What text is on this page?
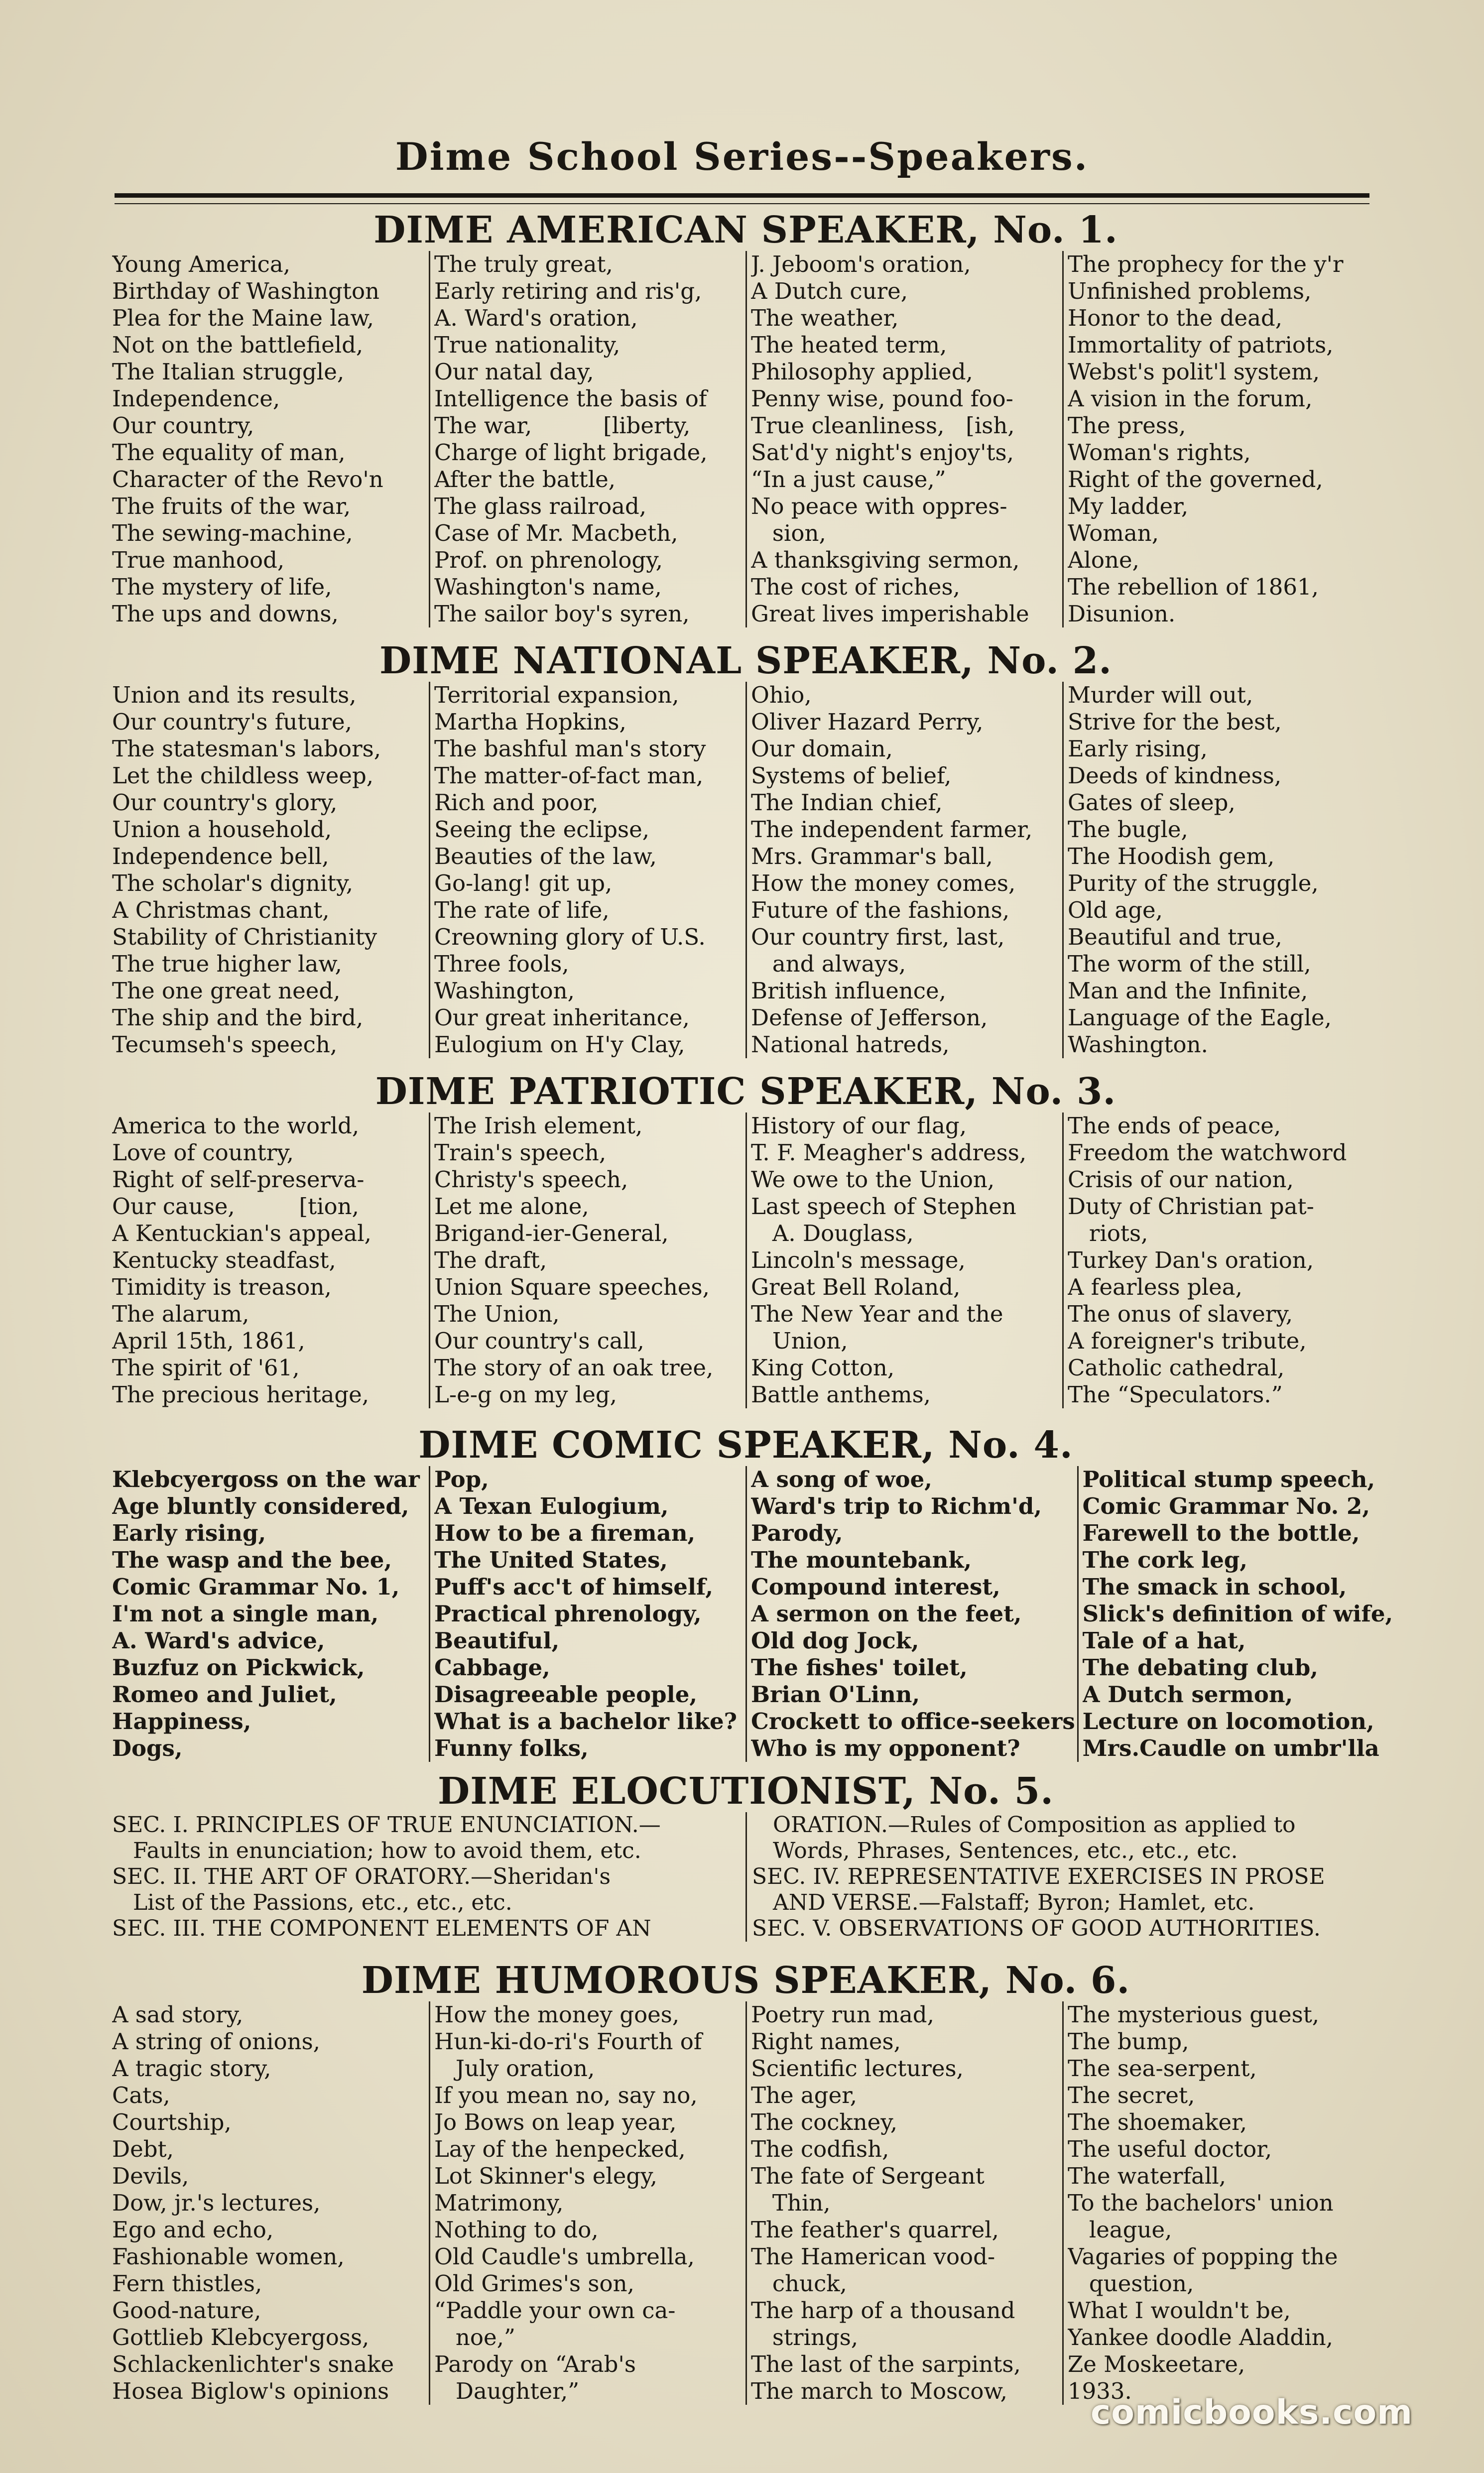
Dime School Series--Speakers.
DIME AMERICAN SPEAKER, No. 1.
Young America,
Birthday of Washington
Plea for the Maine law,
Not on the battlefield,
The Italian struggle,
Independence,
Our country,
The equality of man,
Character of the Revo'n
The fruits of the war,
The sewing-machine,
True manhood,
The mystery of life,
The ups and downs,
The truly great,
Early retiring and ris'g,
A. Ward's oration,
True nationality,
Our natal day,
Intelligence the basis of
The war,          [liberty,
Charge of light brigade,
After the battle,
The glass railroad,
Case of Mr. Macbeth,
Prof. on phrenology,
Washington's name,
The sailor boy's syren,
J. Jeboom's oration,
A Dutch cure,
The weather,
The heated term,
Philosophy applied,
Penny wise, pound foo-
True cleanliness,   [ish,
Sat'd'y night's enjoy'ts,
“In a just cause,”
No peace with oppres-
sion,
A thanksgiving sermon,
The cost of riches,
Great lives imperishable
The prophecy for the y'r
Unfinished problems,
Honor to the dead,
Immortality of patriots,
Webst's polit'l system,
A vision in the forum,
The press,
Woman's rights,
Right of the governed,
My ladder,
Woman,
Alone,
The rebellion of 1861,
Disunion.
DIME NATIONAL SPEAKER, No. 2.
Union and its results,
Our country's future,
The statesman's labors,
Let the childless weep,
Our country's glory,
Union a household,
Independence bell,
The scholar's dignity,
A Christmas chant,
Stability of Christianity
The true higher law,
The one great need,
The ship and the bird,
Tecumseh's speech,
Territorial expansion,
Martha Hopkins,
The bashful man's story
The matter-of-fact man,
Rich and poor,
Seeing the eclipse,
Beauties of the law,
Go-lang! git up,
The rate of life,
Creowning glory of U.S.
Three fools,
Washington,
Our great inheritance,
Eulogium on H'y Clay,
Ohio,
Oliver Hazard Perry,
Our domain,
Systems of belief,
The Indian chief,
The independent farmer,
Mrs. Grammar's ball,
How the money comes,
Future of the fashions,
Our country first, last,
and always,
British influence,
Defense of Jefferson,
National hatreds,
Murder will out,
Strive for the best,
Early rising,
Deeds of kindness,
Gates of sleep,
The bugle,
The Hoodish gem,
Purity of the struggle,
Old age,
Beautiful and true,
The worm of the still,
Man and the Infinite,
Language of the Eagle,
Washington.
DIME PATRIOTIC SPEAKER, No. 3.
America to the world,
Love of country,
Right of self-preserva-
Our cause,         [tion,
A Kentuckian's appeal,
Kentucky steadfast,
Timidity is treason,
The alarum,
April 15th, 1861,
The spirit of '61,
The precious heritage,
The Irish element,
Train's speech,
Christy's speech,
Let me alone,
Brigand-ier-General,
The draft,
Union Square speeches,
The Union,
Our country's call,
The story of an oak tree,
L-e-g on my leg,
History of our flag,
T. F. Meagher's address,
We owe to the Union,
Last speech of Stephen
A. Douglass,
Lincoln's message,
Great Bell Roland,
The New Year and the
Union,
King Cotton,
Battle anthems,
The ends of peace,
Freedom the watchword
Crisis of our nation,
Duty of Christian pat-
riots,
Turkey Dan's oration,
A fearless plea,
The onus of slavery,
A foreigner's tribute,
Catholic cathedral,
The “Speculators.”
DIME COMIC SPEAKER, No. 4.
Klebcyergoss on the war
Age bluntly considered,
Early rising,
The wasp and the bee,
Comic Grammar No. 1,
I'm not a single man,
A. Ward's advice,
Buzfuz on Pickwick,
Romeo and Juliet,
Happiness,
Dogs,
Pop,
A Texan Eulogium,
How to be a fireman,
The United States,
Puff's acc't of himself,
Practical phrenology,
Beautiful,
Cabbage,
Disagreeable people,
What is a bachelor like?
Funny folks,
A song of woe,
Ward's trip to Richm'd,
Parody,
The mountebank,
Compound interest,
A sermon on the feet,
Old dog Jock,
The fishes' toilet,
Brian O'Linn,
Crockett to office-seekers
Who is my opponent?
Political stump speech,
Comic Grammar No. 2,
Farewell to the bottle,
The cork leg,
The smack in school,
Slick's definition of wife,
Tale of a hat,
The debating club,
A Dutch sermon,
Lecture on locomotion,
Mrs.Caudle on umbr'lla
DIME ELOCUTIONIST, No. 5.
SEC. I. PRINCIPLES OF TRUE ENUNCIATION.—
Faults in enunciation; how to avoid them, etc.
SEC. II. THE ART OF ORATORY.—Sheridan's
List of the Passions, etc., etc., etc.
SEC. III. THE COMPONENT ELEMENTS OF AN
ORATION.—Rules of Composition as applied to
Words, Phrases, Sentences, etc., etc., etc.
SEC. IV. REPRESENTATIVE EXERCISES IN PROSE
AND VERSE.—Falstaff; Byron; Hamlet, etc.
SEC. V. OBSERVATIONS OF GOOD AUTHORITIES.
DIME HUMOROUS SPEAKER, No. 6.
A sad story,
A string of onions,
A tragic story,
Cats,
Courtship,
Debt,
Devils,
Dow, jr.'s lectures,
Ego and echo,
Fashionable women,
Fern thistles,
Good-nature,
Gottlieb Klebcyergoss,
Schlackenlichter's snake
Hosea Biglow's opinions
How the money goes,
Hun-ki-do-ri's Fourth of
July oration,
If you mean no, say no,
Jo Bows on leap year,
Lay of the henpecked,
Lot Skinner's elegy,
Matrimony,
Nothing to do,
Old Caudle's umbrella,
Old Grimes's son,
“Paddle your own ca-
noe,”
Parody on “Arab's
Daughter,”
Poetry run mad,
Right names,
Scientific lectures,
The ager,
The cockney,
The codfish,
The fate of Sergeant
Thin,
The feather's quarrel,
The Hamerican vood-
chuck,
The harp of a thousand
strings,
The last of the sarpints,
The march to Moscow,
The mysterious guest,
The bump,
The sea-serpent,
The secret,
The shoemaker,
The useful doctor,
The waterfall,
To the bachelors' union
league,
Vagaries of popping the
question,
What I wouldn't be,
Yankee doodle Aladdin,
Ze Moskeetare,
1933.
comicbooks.com
